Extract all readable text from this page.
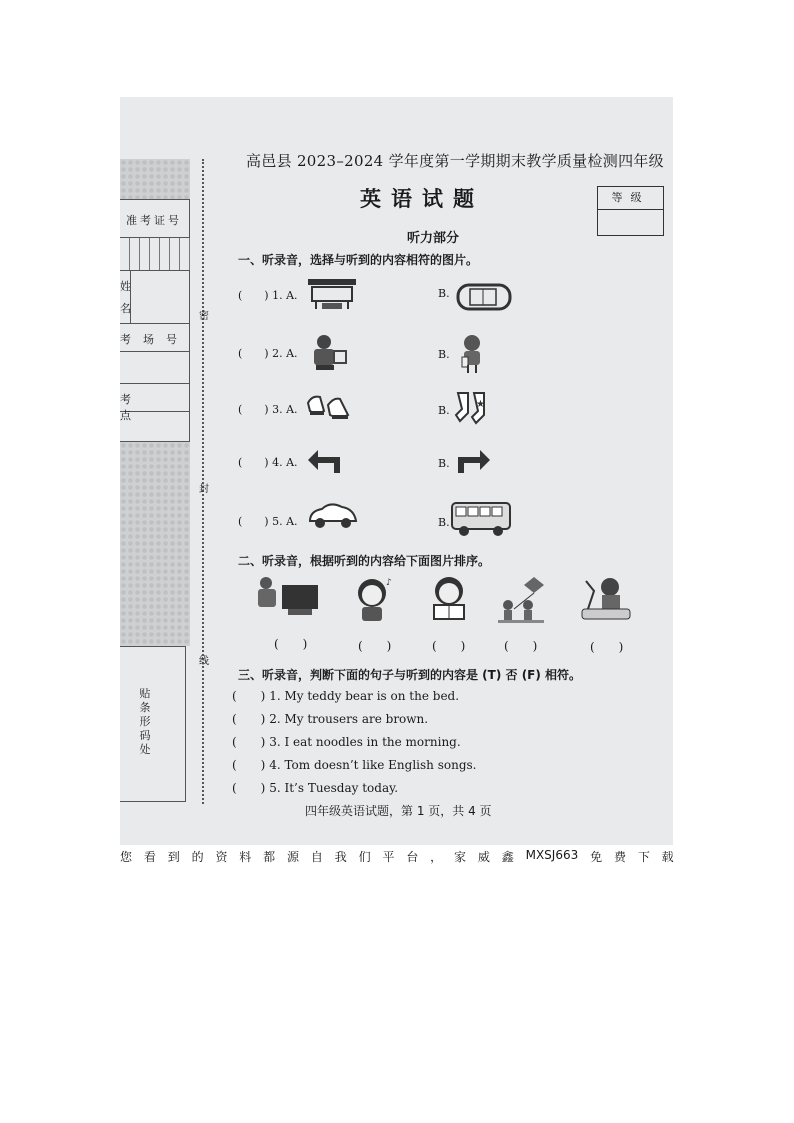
准考证号
姓
名
考场号
考点
贴条形码处
密
封
线
高邑县 2023–2024 学年度第一学期期末教学质量检测四年级
英语试题	等级
听力部分
一、听录音，选择与听到的内容相符的图片。
(　　) 1. A.	B.
(　　) 2. A.	B.
(　　) 3. A.	B.	★
(　　) 4. A.	B.
(　　) 5. A.	B.
二、听录音，根据听到的内容给下面图片排序。
♪
(　　)	(　　)	(　　)	(　　)	(　　)
三、听录音，判断下面的句子与听到的内容是 (T) 否 (F) 相符。
(　　) 1. My teddy bear is on the bed.
(　　) 2. My trousers are brown.
(　　) 3. I eat noodles in the morning.
(　　) 4. Tom doesn’t like English songs.
(　　) 5. It’s Tuesday today.
四年级英语试题，第 1 页，共 4 页
您 看 到 的 资 料 都 源 自 我 们 平 台 ， 家 威 鑫 MXSJ663 免 费 下 载
